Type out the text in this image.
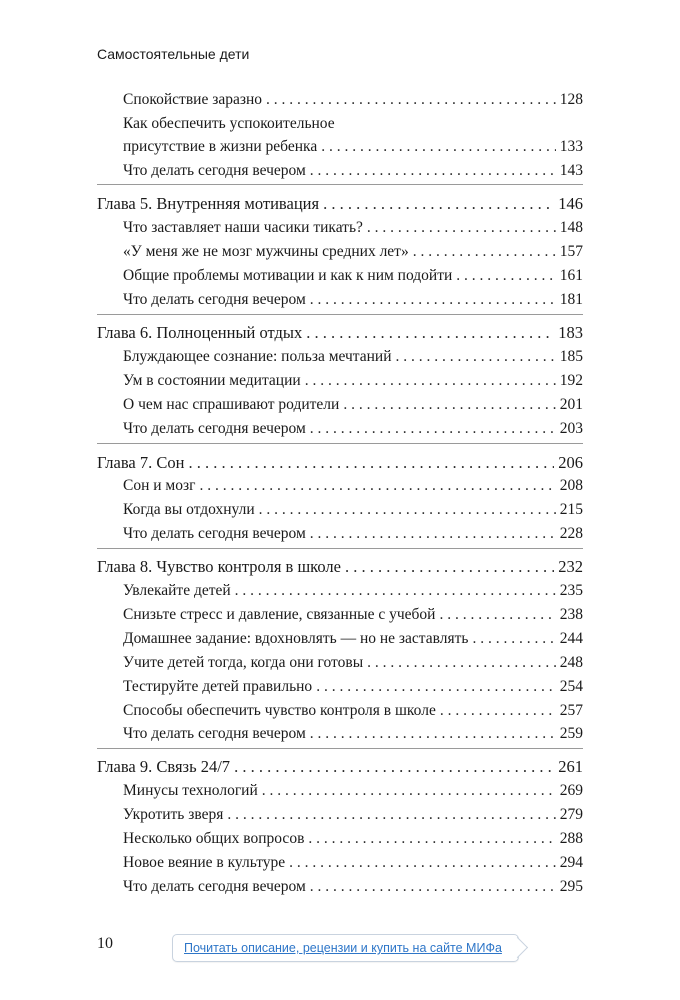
Самостоятельные дети
Спокойствие заразно . . .	128
Как обеспечить успокоительное
присутствие в жизни ребенка . . .	133
Что делать сегодня вечером . . .	143
Глава 5. Внутренняя мотивация . . .	146
Что заставляет наши часики тикать? . . .	148
«У меня же не мозг мужчины средних лет» . . .	157
Общие проблемы мотивации и как к ним подойти . . .	161
Что делать сегодня вечером . . .	181
Глава 6. Полноценный отдых . . .	183
Блуждающее сознание: польза мечтаний . . .	185
Ум в состоянии медитации . . .	192
О чем нас спрашивают родители . . .	201
Что делать сегодня вечером . . .	203
Глава 7. Сон . . .	206
Сон и мозг . . .	208
Когда вы отдохнули . . .	215
Что делать сегодня вечером . . .	228
Глава 8. Чувство контроля в школе . . .	232
Увлекайте детей . . .	235
Снизьте стресс и давление, связанные с учебой . . .	238
Домашнее задание: вдохновлять — но не заставлять . . .	244
Учите детей тогда, когда они готовы . . .	248
Тестируйте детей правильно . . .	254
Способы обеспечить чувство контроля в школе . . .	257
Что делать сегодня вечером . . .	259
Глава 9. Связь 24/7 . . .	261
Минусы технологий . . .	269
Укротить зверя . . .	279
Несколько общих вопросов . . .	288
Новое веяние в культуре . . .	294
Что делать сегодня вечером . . .	295
10	Почитать описание, рецензии и купить на сайте МИФа
